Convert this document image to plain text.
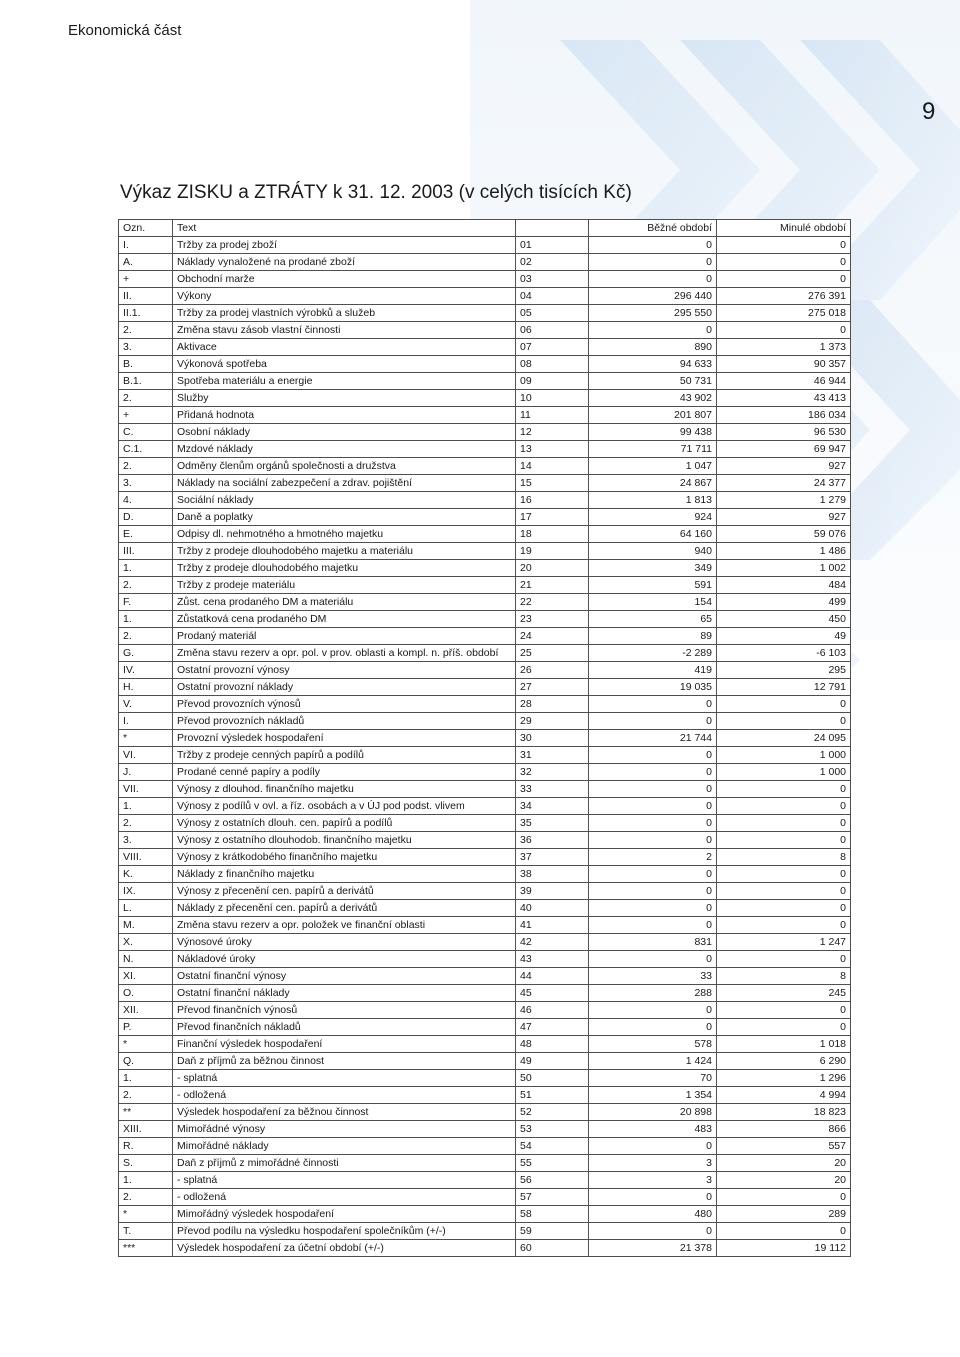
Ekonomická část
9
Výkaz ZISKU a ZTRÁTY k 31. 12. 2003 (v celých tisících Kč)
Ozn.	Text		Běžné období	Minulé období
I.	Tržby za prodej zboží	01	0	0
A.	Náklady vynaložené na prodané zboží	02	0	0
+	Obchodní marže	03	0	0
II.	Výkony	04	296 440	276 391
II.1.	Tržby za prodej vlastních výrobků a služeb	05	295 550	275 018
2.	Změna stavu zásob vlastní činnosti	06	0	0
3.	Aktivace	07	890	1 373
B.	Výkonová spotřeba	08	94 633	90 357
B.1.	Spotřeba materiálu a energie	09	50 731	46 944
2.	Služby	10	43 902	43 413
+	Přidaná hodnota	11	201 807	186 034
C.	Osobní náklady	12	99 438	96 530
C.1.	Mzdové náklady	13	71 711	69 947
2.	Odměny členům orgánů společnosti a družstva	14	1 047	927
3.	Náklady na sociální zabezpečení a zdrav. pojištění	15	24 867	24 377
4.	Sociální náklady	16	1 813	1 279
D.	Daně a poplatky	17	924	927
E.	Odpisy dl. nehmotného a hmotného majetku	18	64 160	59 076
III.	Tržby z prodeje dlouhodobého majetku a materiálu	19	940	1 486
1.	Tržby z prodeje dlouhodobého majetku	20	349	1 002
2.	Tržby z prodeje materiálu	21	591	484
F.	Zůst. cena prodaného DM a materiálu	22	154	499
1.	Zůstatková cena prodaného DM	23	65	450
2.	Prodaný materiál	24	89	49
G.	Změna stavu rezerv a opr. pol. v prov. oblasti a kompl. n. příš. období	25	-2 289	-6 103
IV.	Ostatní provozní výnosy	26	419	295
H.	Ostatní provozní náklady	27	19 035	12 791
V.	Převod provozních výnosů	28	0	0
I.	Převod provozních nákladů	29	0	0
*	Provozní výsledek hospodaření	30	21 744	24 095
VI.	Tržby z prodeje cenných papírů a podílů	31	0	1 000
J.	Prodané cenné papíry a podíly	32	0	1 000
VII.	Výnosy z dlouhod. finančního majetku	33	0	0
1.	Výnosy z podílů v ovl. a říz. osobách a v ÚJ pod podst. vlivem	34	0	0
2.	Výnosy z ostatních dlouh. cen. papírů a podílů	35	0	0
3.	Výnosy z ostatního dlouhodob. finančního majetku	36	0	0
VIII.	Výnosy z krátkodobého finančního majetku	37	2	8
K.	Náklady z finančního majetku	38	0	0
IX.	Výnosy z přecenění cen. papírů a derivátů	39	0	0
L.	Náklady z přecenění cen. papírů a derivátů	40	0	0
M.	Změna stavu rezerv a opr. položek ve finanční oblasti	41	0	0
X.	Výnosové úroky	42	831	1 247
N.	Nákladové úroky	43	0	0
XI.	Ostatní finanční výnosy	44	33	8
O.	Ostatní finanční náklady	45	288	245
XII.	Převod finančních výnosů	46	0	0
P.	Převod finančních nákladů	47	0	0
*	Finanční výsledek hospodaření	48	578	1 018
Q.	Daň z příjmů za běžnou činnost	49	1 424	6 290
1.	- splatná	50	70	1 296
2.	- odložená	51	1 354	4 994
**	Výsledek hospodaření za běžnou činnost	52	20 898	18 823
XIII.	Mimořádné výnosy	53	483	866
R.	Mimořádné náklady	54	0	557
S.	Daň z příjmů z mimořádné činnosti	55	3	20
1.	- splatná	56	3	20
2.	- odložená	57	0	0
*	Mimořádný výsledek hospodaření	58	480	289
T.	Převod podílu na výsledku hospodaření společníkům (+/-)	59	0	0
***	Výsledek hospodaření za účetní období (+/-)	60	21 378	19 112
